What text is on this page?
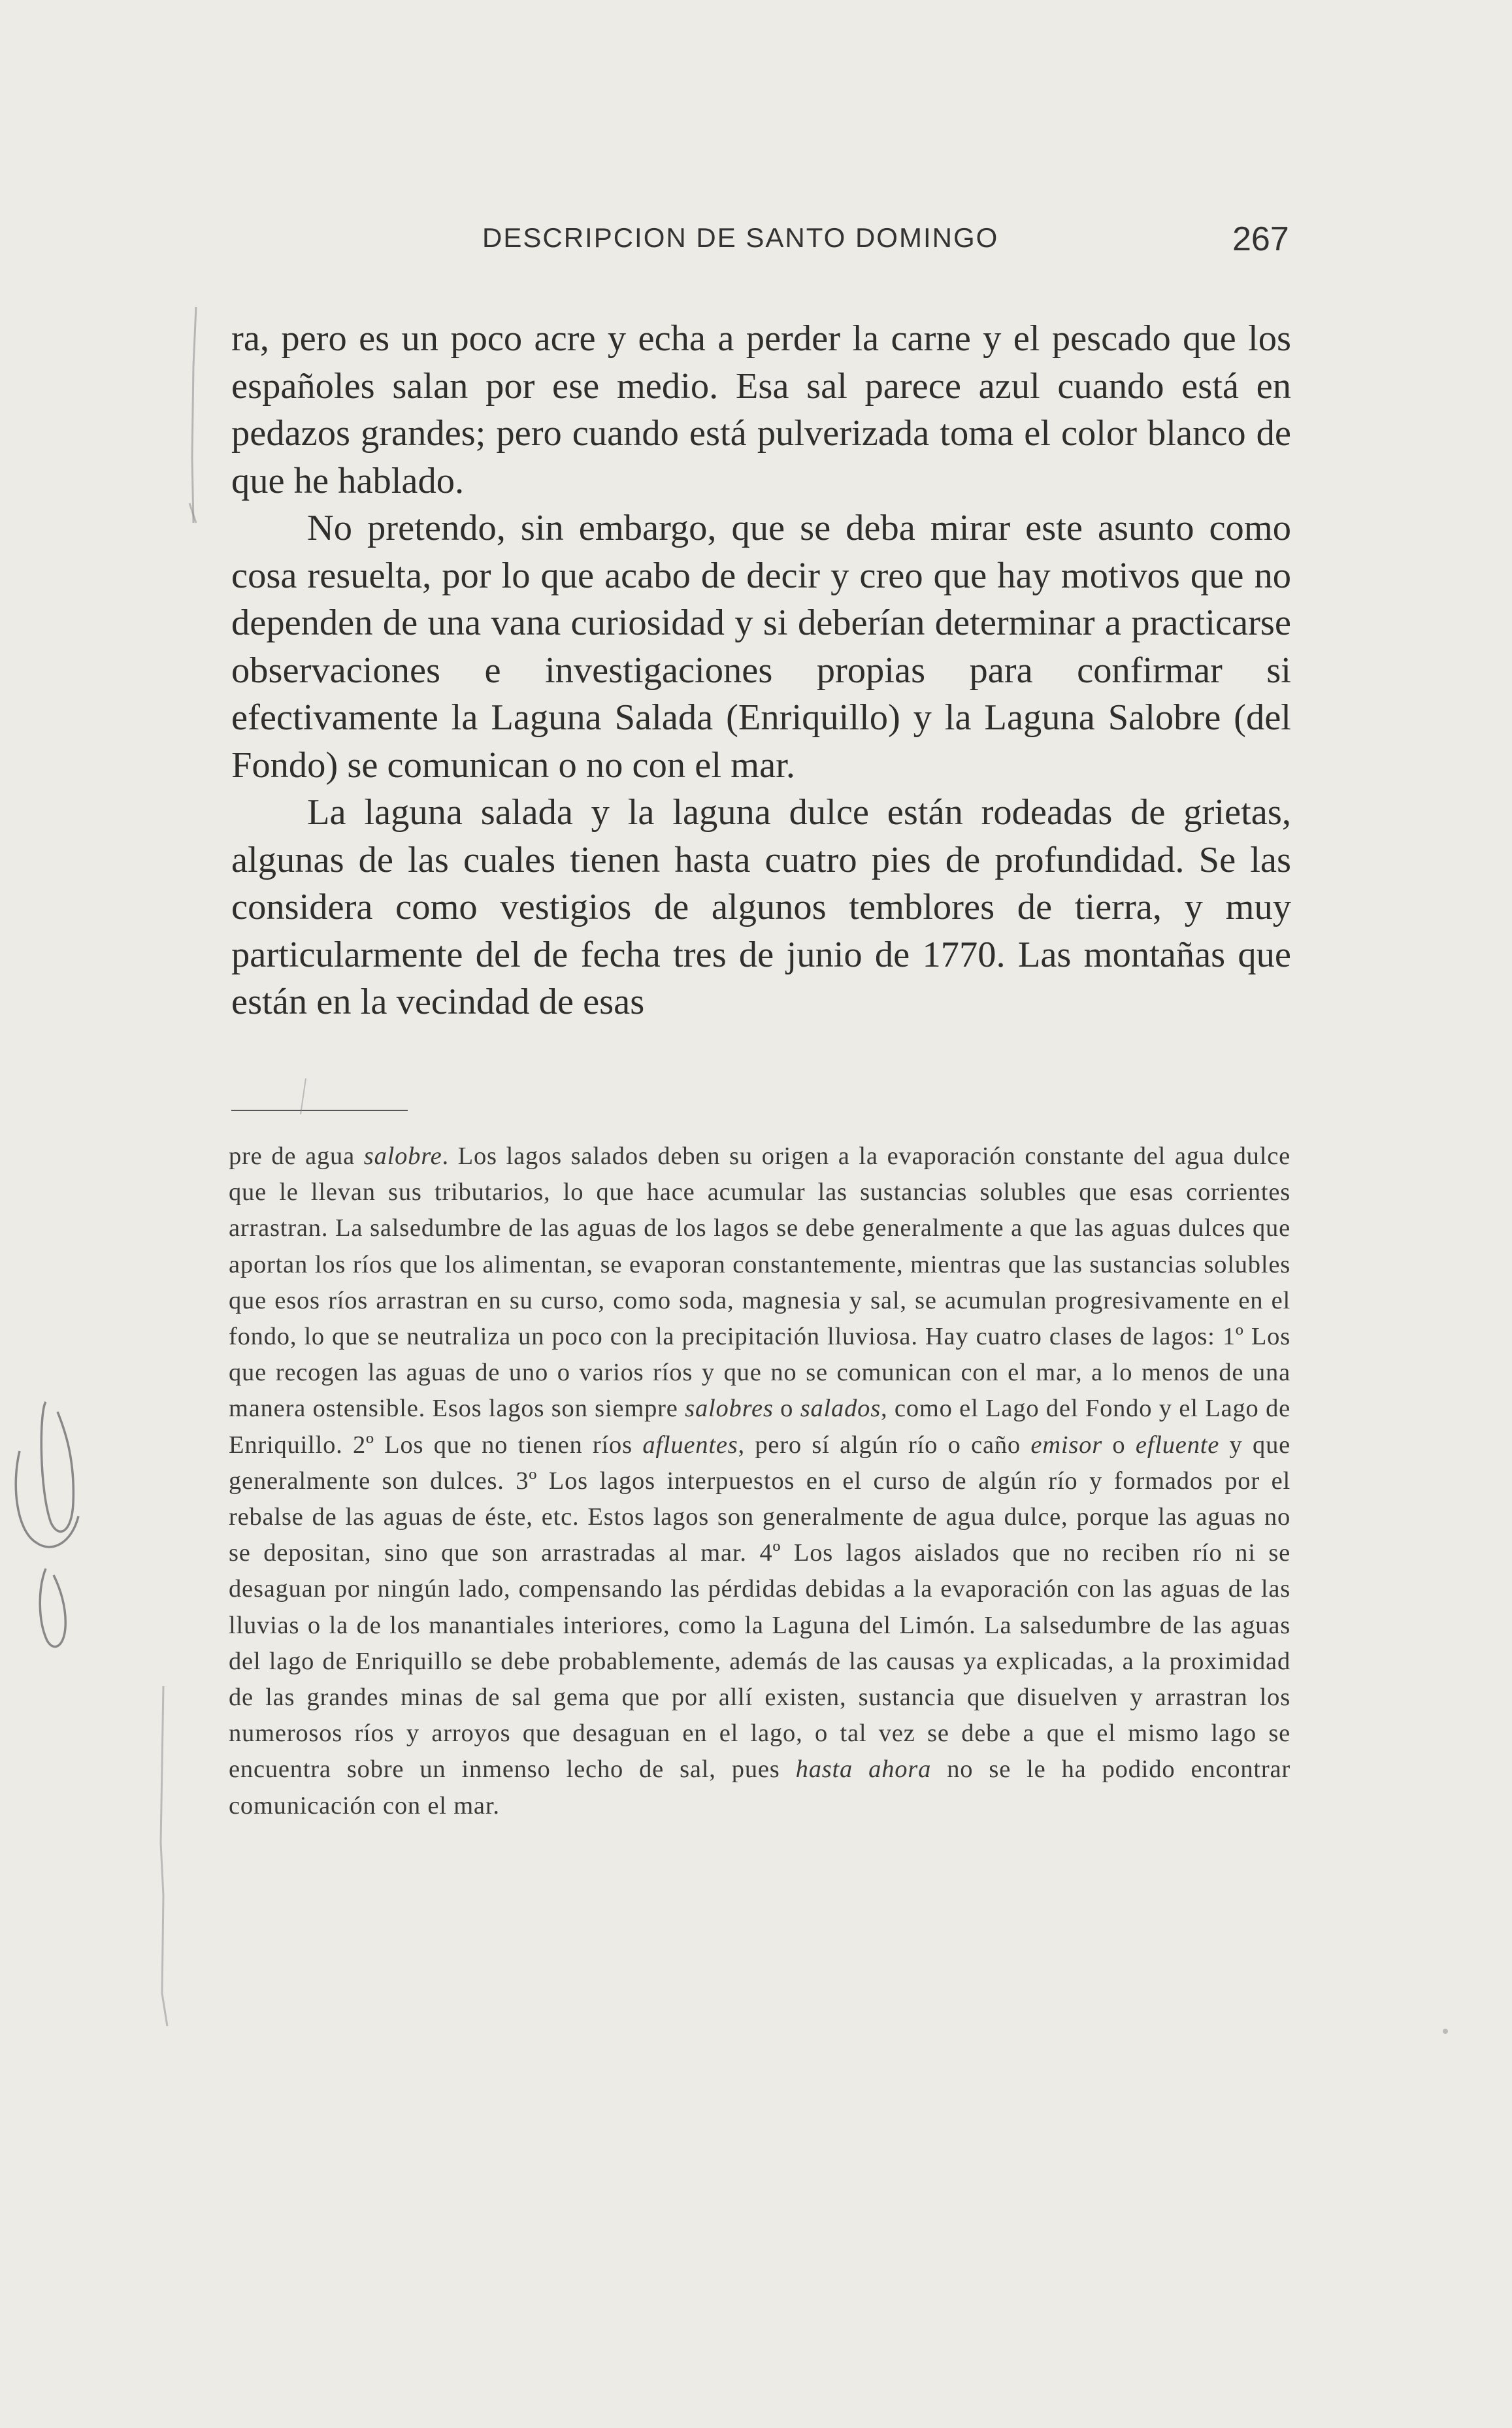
DESCRIPCION DE SANTO DOMINGO	267

ra, pero es un poco acre y echa a perder la carne y el pescado que los españoles salan por ese medio. Esa sal parece azul cuando está en pedazos grandes; pero cuando está pulverizada toma el color blanco de que he hablado.

No pretendo, sin embargo, que se deba mirar este asunto como cosa resuelta, por lo que acabo de decir y creo que hay motivos que no dependen de una vana curiosidad y si deberían determinar a practicarse observaciones e investigaciones propias para confirmar si efectivamente la Laguna Salada (Enriquillo) y la Laguna Salobre (del Fondo) se comunican o no con el mar.

La laguna salada y la laguna dulce están rodeadas de grietas, algunas de las cuales tienen hasta cuatro pies de profundidad. Se las considera como vestigios de algunos temblores de tierra, y muy particularmente del de fecha tres de junio de 1770. Las montañas que están en la vecindad de esas

pre de agua salobre. Los lagos salados deben su origen a la evaporación constante del agua dulce que le llevan sus tributarios, lo que hace acumular las sustancias solubles que esas corrientes arrastran. La salsedumbre de las aguas de los lagos se debe generalmente a que las aguas dulces que aportan los ríos que los alimentan, se evaporan constantemente, mientras que las sustancias solubles que esos ríos arrastran en su curso, como soda, magnesia y sal, se acumulan progresivamente en el fondo, lo que se neutraliza un poco con la precipitación lluviosa. Hay cuatro clases de lagos: 1º Los que recogen las aguas de uno o varios ríos y que no se comunican con el mar, a lo menos de una manera ostensible. Esos lagos son siempre salobres o salados, como el Lago del Fondo y el Lago de Enriquillo. 2º Los que no tienen ríos afluentes, pero sí algún río o caño emisor o efluente y que generalmente son dulces. 3º Los lagos interpuestos en el curso de algún río y formados por el rebalse de las aguas de éste, etc. Estos lagos son generalmente de agua dulce, porque las aguas no se depositan, sino que son arrastradas al mar. 4º Los lagos aislados que no reciben río ni se desaguan por ningún lado, compensando las pérdidas debidas a la evaporación con las aguas de las lluvias o la de los manantiales interiores, como la Laguna del Limón. La salsedumbre de las aguas del lago de Enriquillo se debe probablemente, además de las causas ya explicadas, a la proximidad de las grandes minas de sal gema que por allí existen, sustancia que disuelven y arrastran los numerosos ríos y arroyos que desaguan en el lago, o tal vez se debe a que el mismo lago se encuentra sobre un inmenso lecho de sal, pues hasta ahora no se le ha podido encontrar comunicación con el mar.
